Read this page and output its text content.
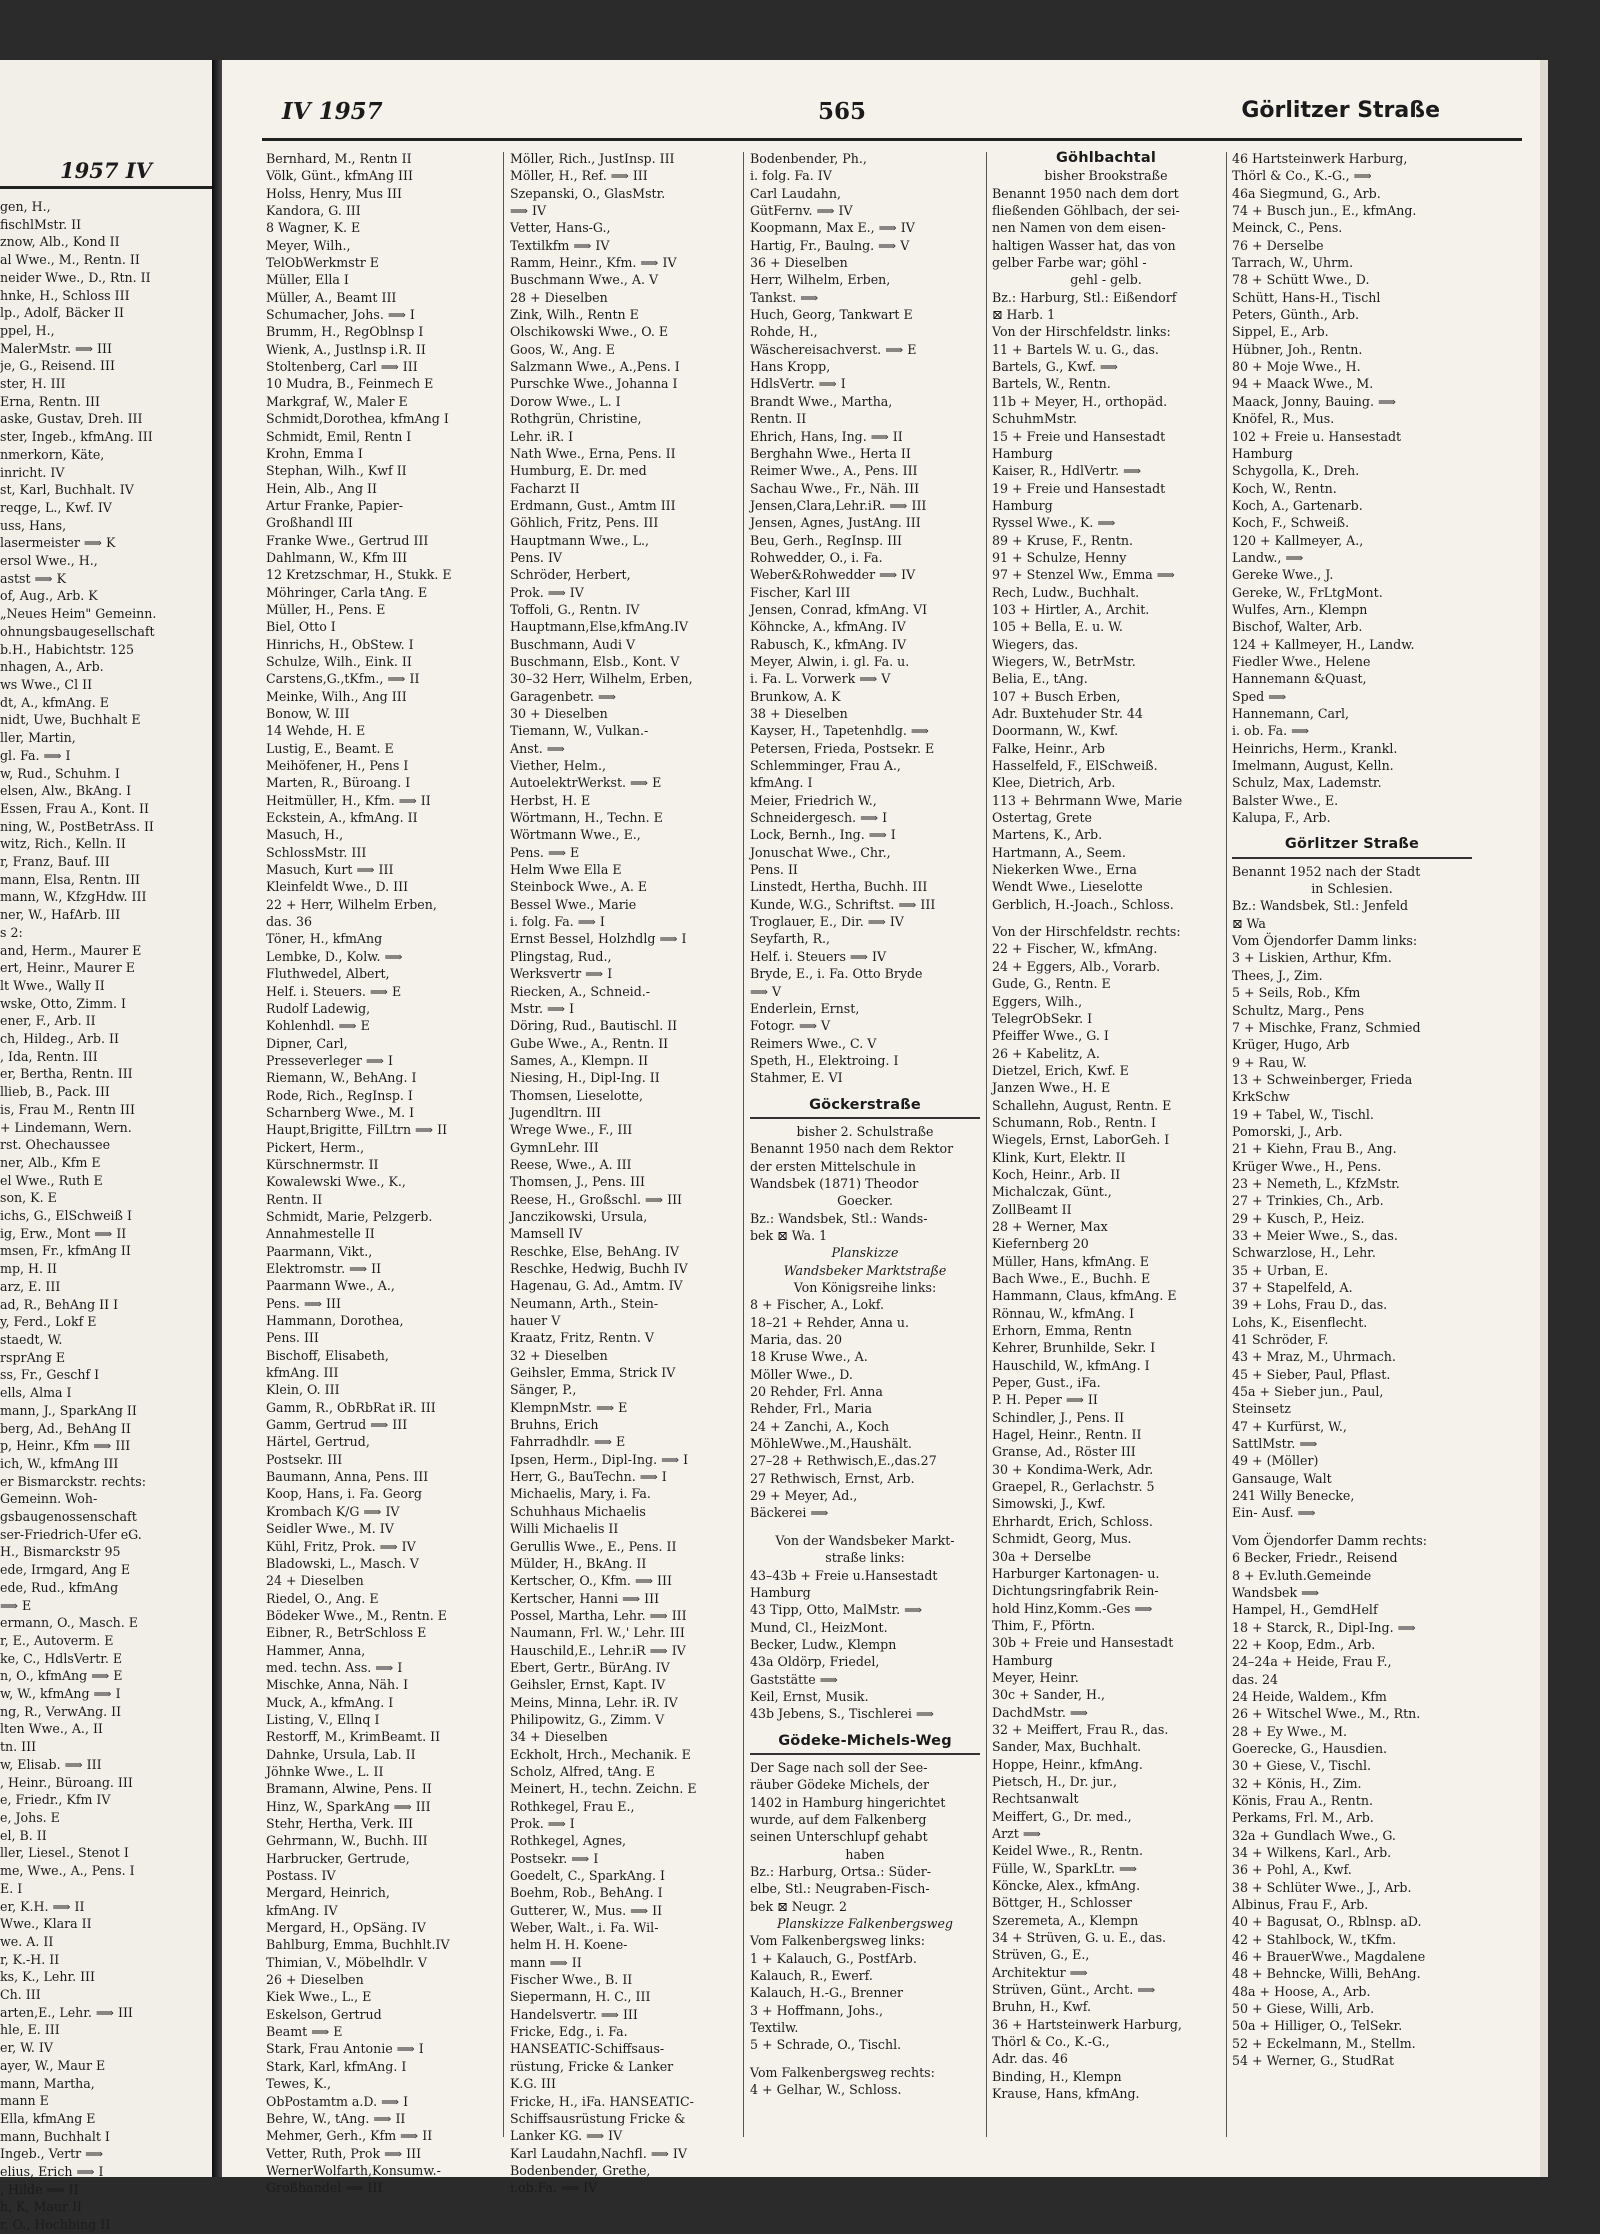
1957 IV
gen, H.,
fischlMstr. II
znow, Alb., Kond II
al Wwe., M., Rentn. II
neider Wwe., D., Rtn. II
hnke, H., Schloss III
lp., Adolf, Bäcker II
ppel, H.,
MalerMstr. ⟹ III
je, G., Reisend. III
ster, H. III
Erna, Rentn. III
aske, Gustav, Dreh. III
ster, Ingeb., kfmAng. III
nmerkorn, Käte,
inricht. IV
st, Karl, Buchhalt. IV
reqge, L., Kwf. IV
uss, Hans,
lasermeister ⟹ K
ersol Wwe., H.,
astst ⟹ K
of, Aug., Arb. K
„Neues Heim" Gemeinn.
ohnungsbaugesellschaft
b.H., Habichtstr. 125
nhagen, A., Arb.
ws Wwe., Cl II
dt, A., kfmAng. E
nidt, Uwe, Buchhalt E
ller, Martin,
gl. Fa. ⟹ I
w, Rud., Schuhm. I
elsen, Alw., BkAng. I
Essen, Frau A., Kont. II
ning, W., PostBetrAss. II
witz, Rich., Kelln. II
r, Franz, Bauf. III
mann, Elsa, Rentn. III
mann, W., KfzgHdw. III
ner, W., HafArb. III
s 2:
and, Herm., Maurer E
ert, Heinr., Maurer E
lt Wwe., Wally II
wske, Otto, Zimm. I
ener, F., Arb. II
ch, Hildeg., Arb. II
, Ida, Rentn. III
er, Bertha, Rentn. III
llieb, B., Pack. III
is, Frau M., Rentn III
+ Lindemann, Wern.
rst. Ohechaussee
ner, Alb., Kfm E
el Wwe., Ruth E
son, K. E
ichs, G., ElSchweiß I
ig, Erw., Mont ⟹ II
msen, Fr., kfmAng II
mp, H. II
arz, E. III
ad, R., BehAng II I
y, Ferd., Lokf E
staedt, W.
rsprAng E
ss, Fr., Geschf I
ells, Alma I
mann, J., SparkAng II
berg, Ad., BehAng II
p, Heinr., Kfm ⟹ III
ich, W., kfmAng III
er Bismarckstr. rechts:
Gemeinn. Woh-
gsbaugenossenschaft
ser-Friedrich-Ufer eG.
H., Bismarckstr 95
ede, Irmgard, Ang E
ede, Rud., kfmAng
⟹ E
ermann, O., Masch. E
r, E., Autoverm. E
ke, C., HdlsVertr. E
n, O., kfmAng ⟹ E
w, W., kfmAng ⟹ I
ng, R., VerwAng. II
lten Wwe., A., II
tn. III
w, Elisab. ⟹ III
, Heinr., Büroang. III
e, Friedr., Kfm IV
e, Johs. E
el, B. II
ller, Liesel., Stenot I
me, Wwe., A., Pens. I
E. I
er, K.H. ⟹ II
Wwe., Klara II
we. A. II
r, K.-H. II
ks, K., Lehr. III
Ch. III
arten,E., Lehr. ⟹ III
hle, E. III
er, W. IV
ayer, W., Maur E
mann, Martha,
mann E
Ella, kfmAng E
mann, Buchhalt I
Ingeb., Vertr ⟹
elius, Erich ⟹ I
, Hilde ⟹ II
h, K, Maur II
r, O., Hochbing II
IV 1957	565	Görlitzer Straße
Bernhard, M., Rentn II
Völk, Günt., kfmAng III
Holss, Henry, Mus III
Kandora, G. III
8 Wagner, K. E
Meyer, Wilh.,
TelObWerkmstr E
Müller, Ella I
Müller, A., Beamt III
Schumacher, Johs. ⟹ I
Brumm, H., RegOblnsp I
Wienk, A., Justlnsp i.R. II
Stoltenberg, Carl ⟹ III
10 Mudra, B., Feinmech E
Markgraf, W., Maler E
Schmidt,Dorothea, kfmAng I
Schmidt, Emil, Rentn I
Krohn, Emma I
Stephan, Wilh., Kwf II
Hein, Alb., Ang II
Artur Franke, Papier-
Großhandl III
Franke Wwe., Gertrud III
Dahlmann, W., Kfm III
12 Kretzschmar, H., Stukk. E
Möhringer, Carla tAng. E
Müller, H., Pens. E
Biel, Otto I
Hinrichs, H., ObStew. I
Schulze, Wilh., Eink. II
Carstens,G.,tKfm., ⟹ II
Meinke, Wilh., Ang III
Bonow, W. III
14 Wehde, H. E
Lustig, E., Beamt. E
Meihöfener, H., Pens I
Marten, R., Büroang. I
Heitmüller, H., Kfm. ⟹ II
Eckstein, A., kfmAng. II
Masuch, H.,
SchlossMstr. III
Masuch, Kurt ⟹ III
Kleinfeldt Wwe., D. III
22 + Herr, Wilhelm Erben,
das. 36
Töner, H., kfmAng
Lembke, D., Kolw. ⟹
Fluthwedel, Albert,
Helf. i. Steuers. ⟹ E
Rudolf Ladewig,
Kohlenhdl. ⟹ E
Dipner, Carl,
Presseverleger ⟹ I
Riemann, W., BehAng. I
Rode, Rich., RegInsp. I
Scharnberg Wwe., M. I
Haupt,Brigitte, FilLtrn ⟹ II
Pickert, Herm.,
Kürschnermstr. II
Kowalewski Wwe., K.,
Rentn. II
Schmidt, Marie, Pelzgerb.
Annahmestelle II
Paarmann, Vikt.,
Elektromstr. ⟹ II
Paarmann Wwe., A.,
Pens. ⟹ III
Hammann, Dorothea,
Pens. III
Bischoff, Elisabeth,
kfmAng. III
Klein, O. III
Gamm, R., ObRbRat iR. III
Gamm, Gertrud ⟹ III
Härtel, Gertrud,
Postsekr. III
Baumann, Anna, Pens. III
Koop, Hans, i. Fa. Georg
Krombach K/G ⟹ IV
Seidler Wwe., M. IV
Kühl, Fritz, Prok. ⟹ IV
Bladowski, L., Masch. V
24 + Dieselben
Riedel, O., Ang. E
Bödeker Wwe., M., Rentn. E
Eibner, R., BetrSchloss E
Hammer, Anna,
med. techn. Ass. ⟹ I
Mischke, Anna, Näh. I
Muck, A., kfmAng. I
Listing, V., Ellnq I
Restorff, M., KrimBeamt. II
Dahnke, Ursula, Lab. II
Jöhnke Wwe., L. II
Bramann, Alwine, Pens. II
Hinz, W., SparkAng ⟹ III
Stehr, Hertha, Verk. III
Gehrmann, W., Buchh. III
Harbrucker, Gertrude,
Postass. IV
Mergard, Heinrich,
kfmAng. IV
Mergard, H., OpSäng. IV
Bahlburg, Emma, Buchhlt.IV
Thimian, V., Möbelhdlr. V
26 + Dieselben
Kiek Wwe., L., E
Eskelson, Gertrud
Beamt ⟹ E
Stark, Frau Antonie ⟹ I
Stark, Karl, kfmAng. I
Tewes, K.,
ObPostamtm a.D. ⟹ I
Behre, W., tAng. ⟹ II
Mehmer, Gerh., Kfm ⟹ II
Vetter, Ruth, Prok ⟹ III
WernerWolfarth,Konsumw.-
Großhandel ⟹ III
Möller, Rich., JustInsp. III
Möller, H., Ref. ⟹ III
Szepanski, O., GlasMstr.
⟹ IV
Vetter, Hans-G.,
Textilkfm ⟹ IV
Ramm, Heinr., Kfm. ⟹ IV
Buschmann Wwe., A. V
28 + Dieselben
Zink, Wilh., Rentn E
Olschikowski Wwe., O. E
Goos, W., Ang. E
Salzmann Wwe., A.,Pens. I
Purschke Wwe., Johanna I
Dorow Wwe., L. I
Rothgrün, Christine,
Lehr. iR. I
Nath Wwe., Erna, Pens. II
Humburg, E. Dr. med
Facharzt II
Erdmann, Gust., Amtm III
Göhlich, Fritz, Pens. III
Hauptmann Wwe., L.,
Pens. IV
Schröder, Herbert,
Prok. ⟹ IV
Toffoli, G., Rentn. IV
Hauptmann,Else,kfmAng.IV
Buschmann, Audi V
Buschmann, Elsb., Kont. V
30–32 Herr, Wilhelm, Erben,
Garagenbetr. ⟹
30 + Dieselben
Tiemann, W., Vulkan.-
Anst. ⟹
Viether, Helm.,
AutoelektrWerkst. ⟹ E
Herbst, H. E
Wörtmann, H., Techn. E
Wörtmann Wwe., E.,
Pens. ⟹ E
Helm Wwe Ella E
Steinbock Wwe., A. E
Bessel Wwe., Marie
i. folg. Fa. ⟹ I
Ernst Bessel, Holzhdlg ⟹ I
Plingstag, Rud.,
Werksvertr ⟹ I
Riecken, A., Schneid.-
Mstr. ⟹ I
Döring, Rud., Bautischl. II
Gube Wwe., A., Rentn. II
Sames, A., Klempn. II
Niesing, H., Dipl-Ing. II
Thomsen, Lieselotte,
Jugendltrn. III
Wrege Wwe., F., III
GymnLehr. III
Reese, Wwe., A. III
Thomsen, J., Pens. III
Reese, H., Großschl. ⟹ III
Janczikowski, Ursula,
Mamsell IV
Reschke, Else, BehAng. IV
Reschke, Hedwig, Buchh IV
Hagenau, G. Ad., Amtm. IV
Neumann, Arth., Stein-
hauer V
Kraatz, Fritz, Rentn. V
32 + Dieselben
Geihsler, Emma, Strick IV
Sänger, P.,
KlempnMstr. ⟹ E
Bruhns, Erich
Fahrradhdlr. ⟹ E
Ipsen, Herm., Dipl-Ing. ⟹ I
Herr, G., BauTechn. ⟹ I
Michaelis, Mary, i. Fa.
Schuhhaus Michaelis
Willi Michaelis II
Gerullis Wwe., E., Pens. II
Mülder, H., BkAng. II
Kertscher, O., Kfm. ⟹ III
Kertscher, Hanni ⟹ III
Possel, Martha, Lehr. ⟹ III
Naumann, Frl. W.,' Lehr. III
Hauschild,E., Lehr.iR ⟹ IV
Ebert, Gertr., BürAng. IV
Geihsler, Ernst, Kapt. IV
Meins, Minna, Lehr. iR. IV
Philipowitz, G., Zimm. V
34 + Dieselben
Eckholt, Hrch., Mechanik. E
Scholz, Alfred, tAng. E
Meinert, H., techn. Zeichn. E
Rothkegel, Frau E.,
Prok. ⟹ I
Rothkegel, Agnes,
Postsekr. ⟹ I
Goedelt, C., SparkAng. I
Boehm, Rob., BehAng. I
Gutterer, W., Mus. ⟹ II
Weber, Walt., i. Fa. Wil-
helm H. H. Koene-
mann ⟹ II
Fischer Wwe., B. II
Siepermann, H. C., III
Handelsvertr. ⟹ III
Fricke, Edg., i. Fa.
HANSEATIC-Schiffsaus-
rüstung, Fricke & Lanker
K.G. III
Fricke, H., iFa. HANSEATIC-
Schiffsausrüstung Fricke &
Lanker KG. ⟹ IV
Karl Laudahn,Nachfl. ⟹ IV
Bodenbender, Grethe,
i.ob.Fa. ⟹ IV
Bodenbender, Ph.,
i. folg. Fa. IV
Carl Laudahn,
GütFernv. ⟹ IV
Koopmann, Max E., ⟹ IV
Hartig, Fr., Baulng. ⟹ V
36 + Dieselben
Herr, Wilhelm, Erben,
Tankst. ⟹
Huch, Georg, Tankwart E
Rohde, H.,
Wäschereisachverst. ⟹ E
Hans Kropp,
HdlsVertr. ⟹ I
Brandt Wwe., Martha,
Rentn. II
Ehrich, Hans, Ing. ⟹ II
Berghahn Wwe., Herta II
Reimer Wwe., A., Pens. III
Sachau Wwe., Fr., Näh. III
Jensen,Clara,Lehr.iR. ⟹ III
Jensen, Agnes, JustAng. III
Beu, Gerh., RegInsp. III
Rohwedder, O., i. Fa.
Weber&Rohwedder ⟹ IV
Fischer, Karl III
Jensen, Conrad, kfmAng. VI
Köhncke, A., kfmAng. IV
Rabusch, K., kfmAng. IV
Meyer, Alwin, i. gl. Fa. u.
i. Fa. L. Vorwerk ⟹ V
Brunkow, A. K
38 + Dieselben
Kayser, H., Tapetenhdlg. ⟹
Petersen, Frieda, Postsekr. E
Schlemminger, Frau A.,
kfmAng. I
Meier, Friedrich W.,
Schneidergesch. ⟹ I
Lock, Bernh., Ing. ⟹ I
Jonuschat Wwe., Chr.,
Pens. II
Linstedt, Hertha, Buchh. III
Kunde, W.G., Schriftst. ⟹ III
Troglauer, E., Dir. ⟹ IV
Seyfarth, R.,
Helf. i. Steuers ⟹ IV
Bryde, E., i. Fa. Otto Bryde
⟹ V
Enderlein, Ernst,
Fotogr. ⟹ V
Reimers Wwe., C. V
Speth, H., Elektroing. I
Stahmer, E. VI
Göckerstraße
bisher 2. Schulstraße
Benannt 1950 nach dem Rektor
der ersten Mittelschule in
Wandsbek (1871) Theodor
Goecker.
Bz.: Wandsbek, Stl.: Wands-
bek ⊠ Wa. 1
Planskizze
Wandsbeker Marktstraße
Von Königsreihe links:
8 + Fischer, A., Lokf.
18–21 + Rehder, Anna u.
Maria, das. 20
18 Kruse Wwe., A.
Möller Wwe., D.
20 Rehder, Frl. Anna
Rehder, Frl., Maria
24 + Zanchi, A., Koch
MöhleWwe.,M.,Haushält.
27–28 + Rethwisch,E.,das.27
27 Rethwisch, Ernst, Arb.
29 + Meyer, Ad.,
Bäckerei ⟹
Von der Wandsbeker Markt-
straße links:
43–43b + Freie u.Hansestadt
Hamburg
43 Tipp, Otto, MalMstr. ⟹
Mund, Cl., HeizMont.
Becker, Ludw., Klempn
43a Oldörp, Friedel,
Gaststätte ⟹
Keil, Ernst, Musik.
43b Jebens, S., Tischlerei ⟹
Gödeke-Michels-Weg
Der Sage nach soll der See-
räuber Gödeke Michels, der
1402 in Hamburg hingerichtet
wurde, auf dem Falkenberg
seinen Unterschlupf gehabt
haben
Bz.: Harburg, Ortsa.: Süder-
elbe, Stl.: Neugraben-Fisch-
bek ⊠ Neugr. 2
Planskizze Falkenbergsweg
Vom Falkenbergsweg links:
1 + Kalauch, G., PostfArb.
Kalauch, R., Ewerf.
Kalauch, H.-G., Brenner
3 + Hoffmann, Johs.,
Textilw.
5 + Schrade, O., Tischl.
Vom Falkenbergsweg rechts:
4 + Gelhar, W., Schloss.
Göhlbachtal
bisher Brookstraße
Benannt 1950 nach dem dort
fließenden Göhlbach, der sei-
nen Namen von dem eisen-
haltigen Wasser hat, das von
gelber Farbe war; göhl -
gehl - gelb.
Bz.: Harburg, Stl.: Eißendorf
⊠ Harb. 1
Von der Hirschfeldstr. links:
11 + Bartels W. u. G., das.
Bartels, G., Kwf. ⟹
Bartels, W., Rentn.
11b + Meyer, H., orthopäd.
SchuhmMstr.
15 + Freie und Hansestadt
Hamburg
Kaiser, R., HdlVertr. ⟹
19 + Freie und Hansestadt
Hamburg
Ryssel Wwe., K. ⟹
89 + Kruse, F., Rentn.
91 + Schulze, Henny
97 + Stenzel Ww., Emma ⟹
Rech, Ludw., Buchhalt.
103 + Hirtler, A., Archit.
105 + Bella, E. u. W.
Wiegers, das.
Wiegers, W., BetrMstr.
Belia, E., tAng.
107 + Busch Erben,
Adr. Buxtehuder Str. 44
Doormann, W., Kwf.
Falke, Heinr., Arb
Hasselfeld, F., ElSchweiß.
Klee, Dietrich, Arb.
113 + Behrmann Wwe, Marie
Ostertag, Grete
Martens, K., Arb.
Hartmann, A., Seem.
Niekerken Wwe., Erna
Wendt Wwe., Lieselotte
Gerblich, H.-Joach., Schloss.
Von der Hirschfeldstr. rechts:
22 + Fischer, W., kfmAng.
24 + Eggers, Alb., Vorarb.
Gude, G., Rentn. E
Eggers, Wilh.,
TelegrObSekr. I
Pfeiffer Wwe., G. I
26 + Kabelitz, A.
Dietzel, Erich, Kwf. E
Janzen Wwe., H. E
Schallehn, August, Rentn. E
Schumann, Rob., Rentn. I
Wiegels, Ernst, LaborGeh. I
Klink, Kurt, Elektr. II
Koch, Heinr., Arb. II
Michalczak, Günt.,
ZollBeamt II
28 + Werner, Max
Kiefernberg 20
Müller, Hans, kfmAng. E
Bach Wwe., E., Buchh. E
Hammann, Claus, kfmAng. E
Rönnau, W., kfmAng. I
Erhorn, Emma, Rentn
Kehrer, Brunhilde, Sekr. I
Hauschild, W., kfmAng. I
Peper, Gust., iFa.
P. H. Peper ⟹ II
Schindler, J., Pens. II
Hagel, Heinr., Rentn. II
Granse, Ad., Röster III
30 + Kondima-Werk, Adr.
Graepel, R., Gerlachstr. 5
Simowski, J., Kwf.
Ehrhardt, Erich, Schloss.
Schmidt, Georg, Mus.
30a + Derselbe
Harburger Kartonagen- u.
Dichtungsringfabrik Rein-
hold Hinz,Komm.-Ges ⟹
Thim, F., Pförtn.
30b + Freie und Hansestadt
Hamburg
Meyer, Heinr.
30c + Sander, H.,
DachdMstr. ⟹
32 + Meiffert, Frau R., das.
Sander, Max, Buchhalt.
Hoppe, Heinr., kfmAng.
Pietsch, H., Dr. jur.,
Rechtsanwalt
Meiffert, G., Dr. med.,
Arzt ⟹
Keidel Wwe., R., Rentn.
Fülle, W., SparkLtr. ⟹
Köncke, Alex., kfmAng.
Böttger, H., Schlosser
Szeremeta, A., Klempn
34 + Strüven, G. u. E., das.
Strüven, G., E.,
Architektur ⟹
Strüven, Günt., Archt. ⟹
Bruhn, H., Kwf.
36 + Hartsteinwerk Harburg,
Thörl & Co., K.-G.,
Adr. das. 46
Binding, H., Klempn
Krause, Hans, kfmAng.
46 Hartsteinwerk Harburg,
Thörl & Co., K.-G., ⟹
46a Siegmund, G., Arb.
74 + Busch jun., E., kfmAng.
Meinck, C., Pens.
76 + Derselbe
Tarrach, W., Uhrm.
78 + Schütt Wwe., D.
Schütt, Hans-H., Tischl
Peters, Günth., Arb.
Sippel, E., Arb.
Hübner, Joh., Rentn.
80 + Moje Wwe., H.
94 + Maack Wwe., M.
Maack, Jonny, Bauing. ⟹
Knöfel, R., Mus.
102 + Freie u. Hansestadt
Hamburg
Schygolla, K., Dreh.
Koch, W., Rentn.
Koch, A., Gartenarb.
Koch, F., Schweiß.
120 + Kallmeyer, A.,
Landw., ⟹
Gereke Wwe., J.
Gereke, W., FrLtgMont.
Wulfes, Arn., Klempn
Bischof, Walter, Arb.
124 + Kallmeyer, H., Landw.
Fiedler Wwe., Helene
Hannemann &Quast,
Sped ⟹
Hannemann, Carl,
i. ob. Fa. ⟹
Heinrichs, Herm., Krankl.
Imelmann, August, Kelln.
Schulz, Max, Lademstr.
Balster Wwe., E.
Kalupa, F., Arb.
Görlitzer Straße
Benannt 1952 nach der Stadt
in Schlesien.
Bz.: Wandsbek, Stl.: Jenfeld
⊠ Wa
Vom Öjendorfer Damm links:
3 + Liskien, Arthur, Kfm.
Thees, J., Zim.
5 + Seils, Rob., Kfm
Schultz, Marg., Pens
7 + Mischke, Franz, Schmied
Krüger, Hugo, Arb
9 + Rau, W.
13 + Schweinberger, Frieda
KrkSchw
19 + Tabel, W., Tischl.
Pomorski, J., Arb.
21 + Kiehn, Frau B., Ang.
Krüger Wwe., H., Pens.
23 + Nemeth, L., KfzMstr.
27 + Trinkies, Ch., Arb.
29 + Kusch, P., Heiz.
33 + Meier Wwe., S., das.
Schwarzlose, H., Lehr.
35 + Urban, E.
37 + Stapelfeld, A.
39 + Lohs, Frau D., das.
Lohs, K., Eisenflecht.
41 Schröder, F.
43 + Mraz, M., Uhrmach.
45 + Sieber, Paul, Pflast.
45a + Sieber jun., Paul,
Steinsetz
47 + Kurfürst, W.,
SattlMstr. ⟹
49 + (Möller)
Gansauge, Walt
241 Willy Benecke,
Ein- Ausf. ⟹
Vom Öjendorfer Damm rechts:
6 Becker, Friedr., Reisend
8 + Ev.luth.Gemeinde
Wandsbek ⟹
Hampel, H., GemdHelf
18 + Starck, R., Dipl-Ing. ⟹
22 + Koop, Edm., Arb.
24–24a + Heide, Frau F.,
das. 24
24 Heide, Waldem., Kfm
26 + Witschel Wwe., M., Rtn.
28 + Ey Wwe., M.
Goerecke, G., Hausdien.
30 + Giese, V., Tischl.
32 + Könis, H., Zim.
Könis, Frau A., Rentn.
Perkams, Frl. M., Arb.
32a + Gundlach Wwe., G.
34 + Wilkens, Karl., Arb.
36 + Pohl, A., Kwf.
38 + Schlüter Wwe., J., Arb.
Albinus, Frau F., Arb.
40 + Bagusat, O., Rblnsp. aD.
42 + Stahlbock, W., tKfm.
46 + BrauerWwe., Magdalene
48 + Behncke, Willi, BehAng.
48a + Hoose, A., Arb.
50 + Giese, Willi, Arb.
50a + Hilliger, O., TelSekr.
52 + Eckelmann, M., Stellm.
54 + Werner, G., StudRat
